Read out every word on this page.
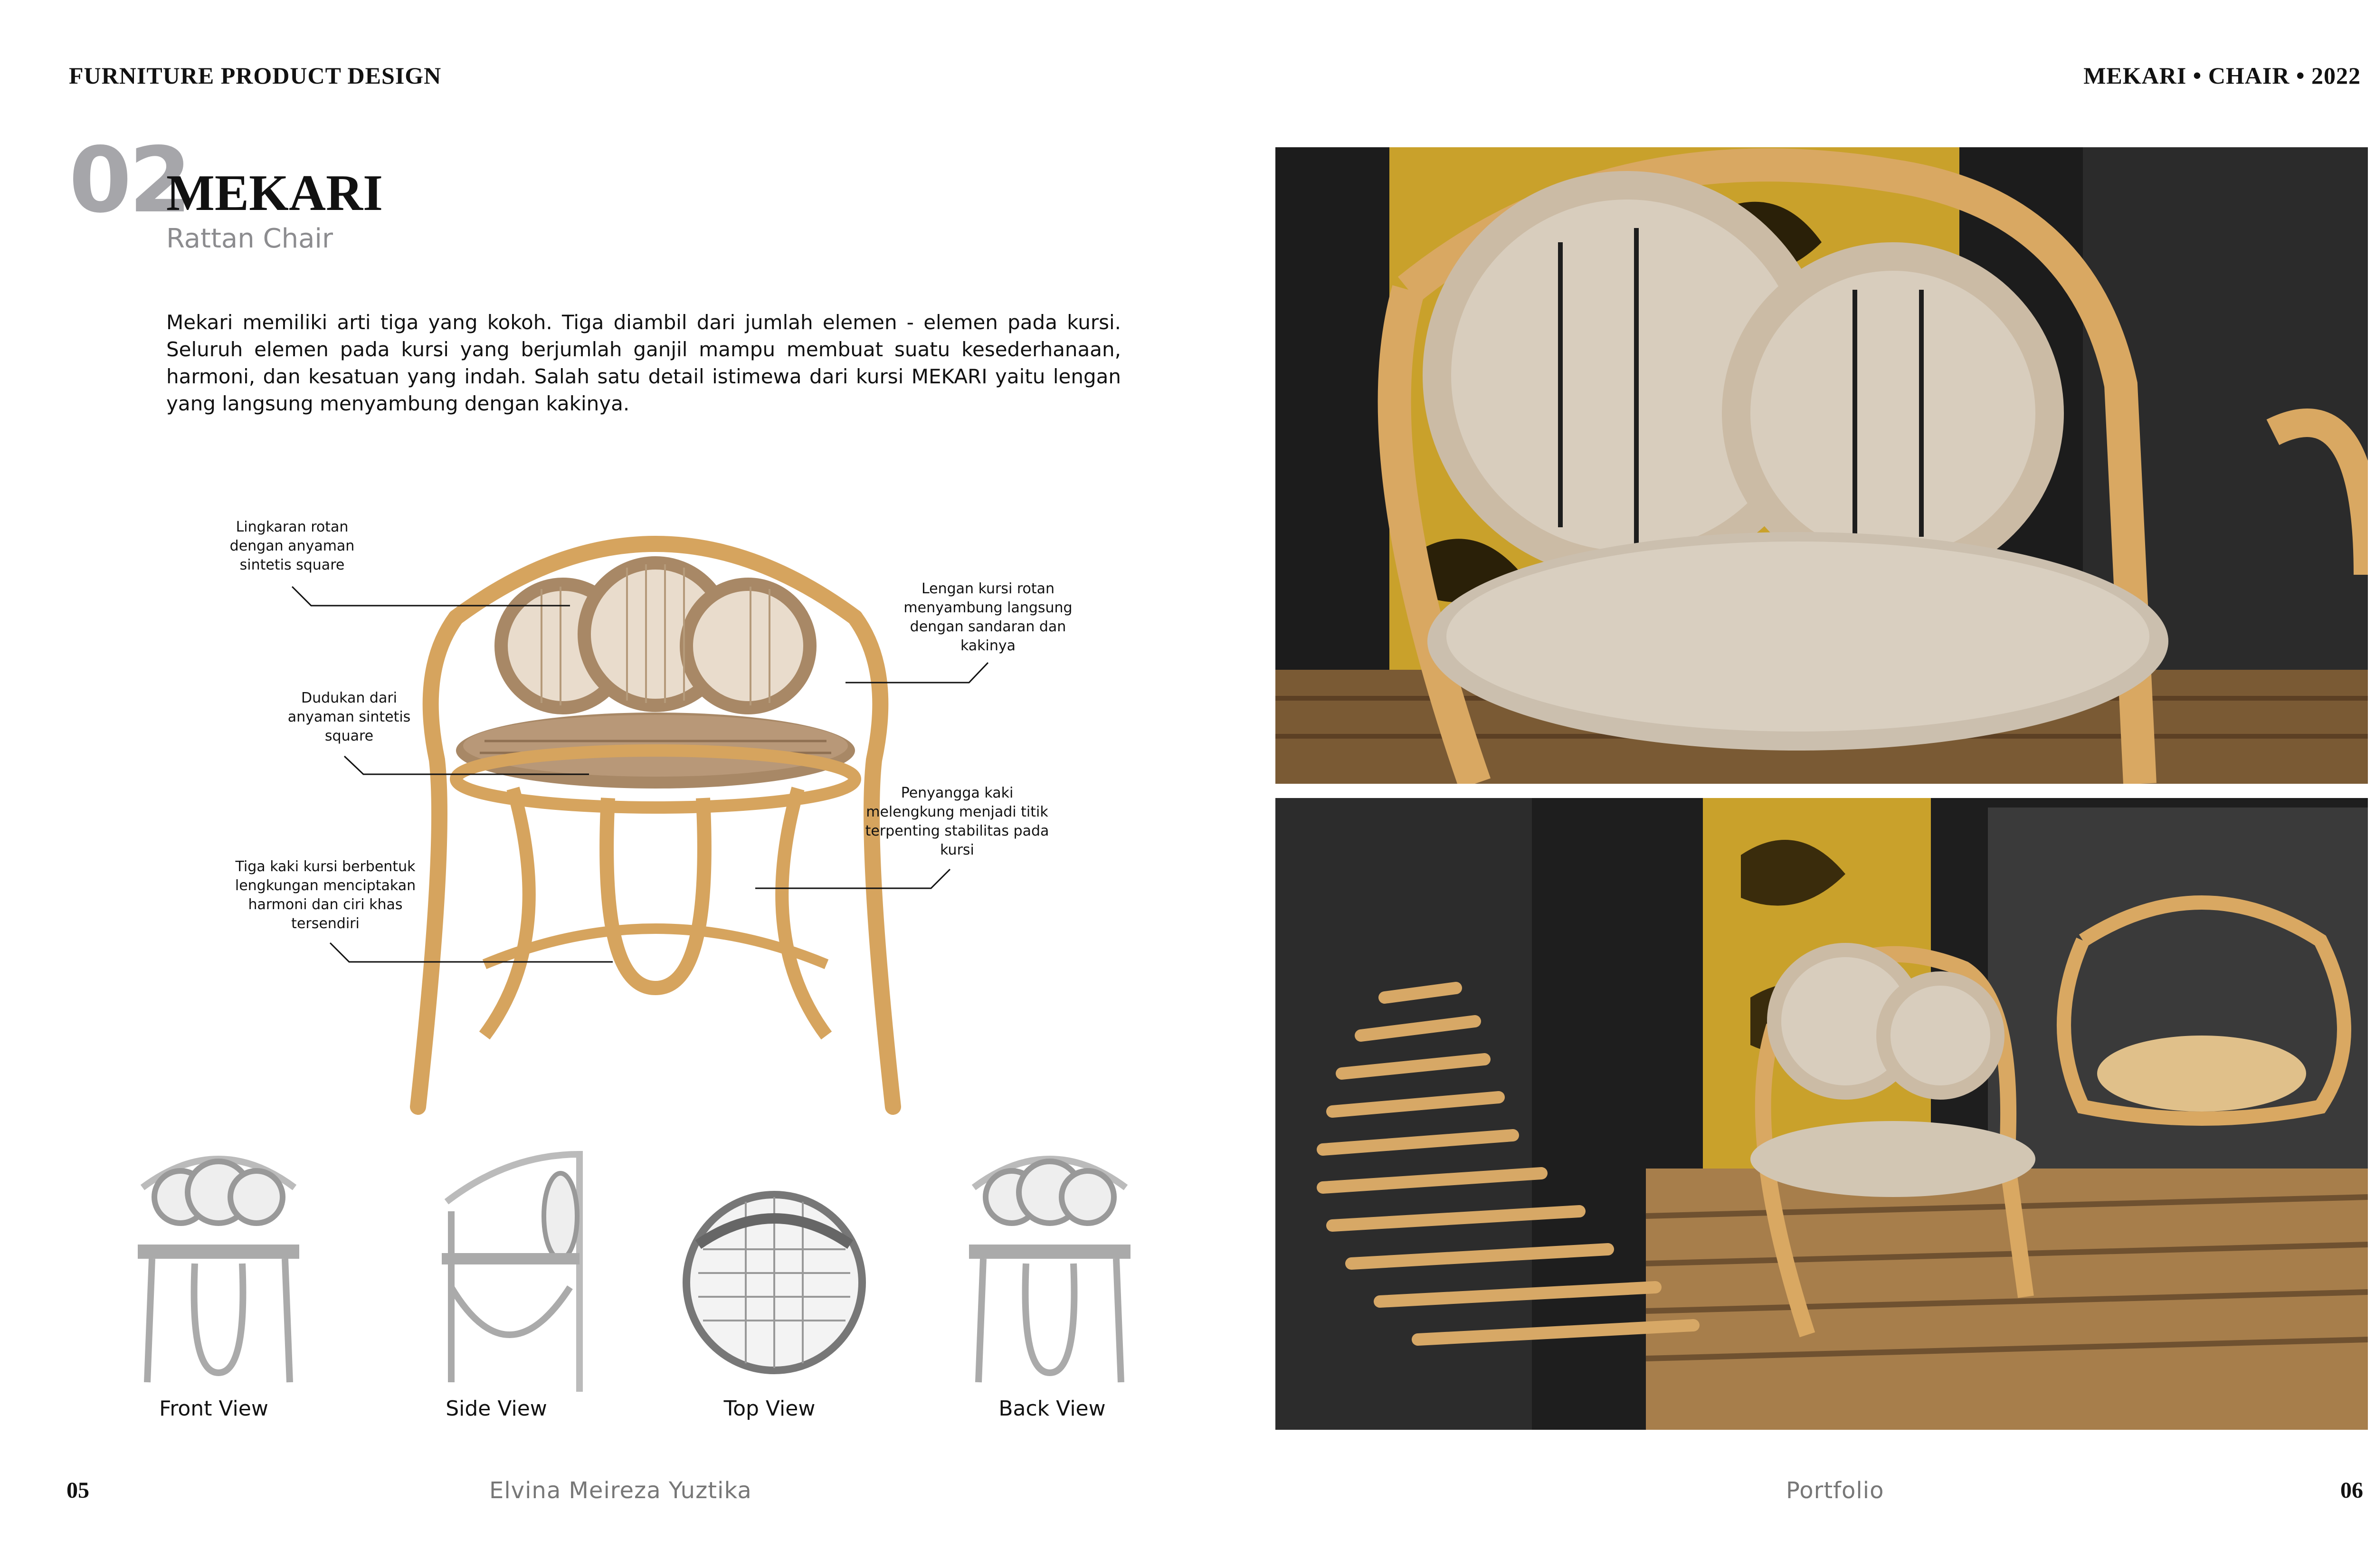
FURNITURE PRODUCT DESIGN	MEKARI • CHAIR • 2022
02
MEKARI
Rattan Chair
Mekari memiliki arti tiga yang kokoh. Tiga diambil dari jumlah elemen - elemen pada kursi. Seluruh elemen pada kursi yang berjumlah ganjil mampu membuat suatu kesederhanaan, harmoni, dan kesatuan yang indah. Salah satu detail istimewa dari kursi MEKARI yaitu lengan yang langsung menyambung dengan kakinya.
Lingkaran rotan dengan anyaman sintetis square
Dudukan dari anyaman sintetis square
Tiga kaki kursi berbentuk lengkungan menciptakan harmoni dan ciri khas tersendiri
Lengan kursi rotan menyambung langsung dengan sandaran dan kakinya
Penyangga kaki melengkung menjadi titik terpenting stabilitas pada kursi
Front View	Side View	Top View	Back View
05	Elvina Meireza Yuztika	Portfolio	06
